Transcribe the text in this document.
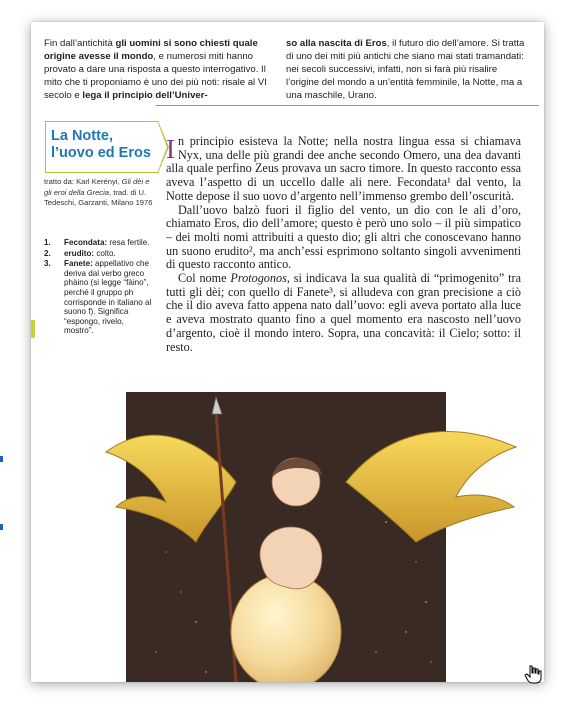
Fin dall’antichità gli uomini si sono chiesti quale origine avesse il mondo, e numerosi miti hanno provato a dare una risposta a questo interrogativo. Il mito che ti proponiamo è uno dei più noti: risale al VI secolo e lega il principio dell’Univer-
so alla nascita di Eros, il futuro dio dell’amore. Si tratta di uno dei miti più antichi che siano mai stati tramandati: nei secoli successivi, infatti, non si farà più risalire l’origine del mondo a un’entità femminile, la Notte, ma a una maschile, Urano.
La Notte,
l’uovo ed Eros
tratto da: Karl Kerényi, Gli dèi e gli eroi della Grecia, trad. di U. Tedeschi, Garzanti, Milano 1976
1. Fecondata: resa fertile.
2. erudito: colto.
3. Fanete: appellativo che deriva dal verbo greco phàino (si legge “fàino”, perché il gruppo ph corrisponde in italiano al suono f). Significa “espongo, rivelo, mostro”.

In principio esisteva la Notte; nella nostra lingua essa si chiamava Nyx, una delle più grandi dee anche secondo Omero, una dea davanti alla quale perfino Zeus provava un sacro timore. In questo racconto essa aveva l’aspetto di un uccello dalle ali nere. Fecondata¹ dal vento, la Notte depose il suo uovo d’argento nell’immenso grembo dell’oscurità.

Dall’uovo balzò fuori il figlio del vento, un dio con le ali d’oro, chiamato Eros, dio dell’amore; questo è però uno solo – il più simpatico – dei molti nomi attribuiti a questo dio; gli altri che conoscevano hanno un suono erudito², ma anch’essi esprimono soltanto singoli avvenimenti di questo racconto antico.

Col nome Protogonos, si indicava la sua qualità di “primogenito” tra tutti gli dèi; con quello di Fanete³, si alludeva con gran precisione a ciò che il dio aveva fatto appena nato dall’uovo: egli aveva portato alla luce e aveva mostrato quanto fino a quel momento era nascosto nell’uovo d’argento, cioè il mondo intero. Sopra, una concavità: il Cielo; sotto: il resto.
